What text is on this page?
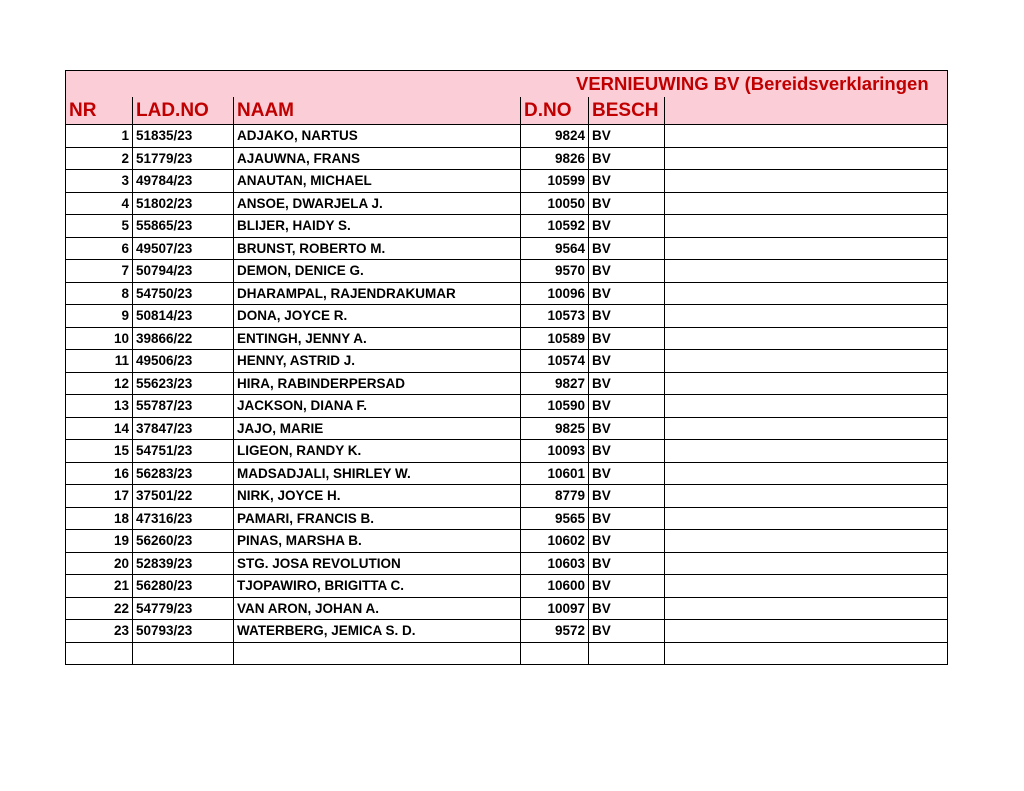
VERNIEUWING BV (Bereidsverklaringen					

NR	LAD.NO	NAAM	D.NO	BESCH	
1	51835/23	ADJAKO, NARTUS	9824	BV	
2	51779/23	AJAUWNA, FRANS	9826	BV	
3	49784/23	ANAUTAN, MICHAEL	10599	BV	
4	51802/23	ANSOE, DWARJELA J.	10050	BV	
5	55865/23	BLIJER, HAIDY S.	10592	BV	
6	49507/23	BRUNST, ROBERTO M.	9564	BV	
7	50794/23	DEMON, DENICE G.	9570	BV	
8	54750/23	DHARAMPAL, RAJENDRAKUMAR	10096	BV	
9	50814/23	DONA, JOYCE R.	10573	BV	
10	39866/22	ENTINGH, JENNY A.	10589	BV	
11	49506/23	HENNY, ASTRID J.	10574	BV	
12	55623/23	HIRA, RABINDERPERSAD	9827	BV	
13	55787/23	JACKSON, DIANA F.	10590	BV	
14	37847/23	JAJO, MARIE	9825	BV	
15	54751/23	LIGEON, RANDY K.	10093	BV	
16	56283/23	MADSADJALI, SHIRLEY W.	10601	BV	
17	37501/22	NIRK, JOYCE H.	8779	BV	
18	47316/23	PAMARI, FRANCIS B.	9565	BV	
19	56260/23	PINAS, MARSHA B.	10602	BV	
20	52839/23	STG. JOSA REVOLUTION	10603	BV	
21	56280/23	TJOPAWIRO, BRIGITTA C.	10600	BV	
22	54779/23	VAN ARON, JOHAN A.	10097	BV	
23	50793/23	WATERBERG, JEMICA S. D.	9572	BV	
